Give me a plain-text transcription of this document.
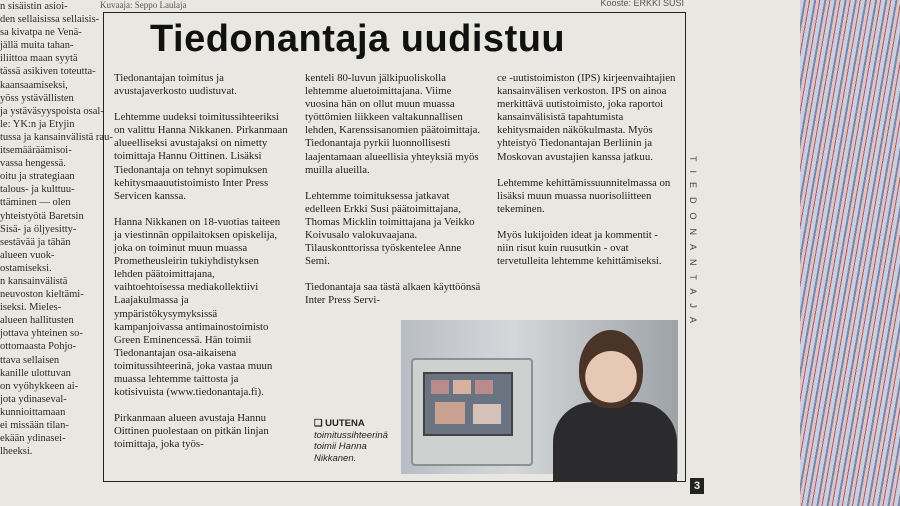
n sisäistin asioi-
den sellaisissa sellaisis-
sa kivatpa ne Venä-
jällä muita tahan-
iliittoa maan syytä
tässä asikiven toteutta-
kaansaamiseksi,
yöss ystävällisten
ja ystäväsyyspoista osal-
le: YK:n ja Etyjin
tussa ja kansainvälistä rau-
itsemääräämisoi-
vassa hengessä.
oitu ja strategiaan
talous- ja kulttuu-
ttäminen — olen
yhteistyötä Baretsin
Sisä- ja öljyesitty-
sestävää ja tähän
alueen vuok-
ostamiseksi.
n kansainvälistä
neuvoston kieltämi-
iseksi. Mieles-
alueen hallitusten
jottava yhteinen so-
ottomaasta Pohjo-
ttava sellaisen
kanille ulottuvan
on vyöhykkeen ai-
jota ydinaseval-
kunnioittamaan
ei missään tilan-
ekään ydinasei-
lheeksi.
Kuvaaja: Seppo Laulaja	Kooste: ERKKI SUSI
Tiedonantaja uudistuu

Tiedonantajan toimitus ja avustajaverkosto uudistuvat.

Lehtemme uudeksi toimitussihteeriksi on valittu Hanna Nikkanen. Pirkanmaan alueelliseksi avustajaksi on nimetty toimittaja Hannu Oittinen. Lisäksi Tiedonantaja on tehnyt sopimuksen kehitysmaauutistoimisto Inter Press Servicen kanssa.

Hanna Nikkanen on 18-vuotias taiteen ja viestinnän oppilaitoksen opiskelija, joka on toiminut muun muassa Prometheusleirin tukiyhdistyksen lehden päätoimittajana, vaihtoehtoisessa mediakollektiivi Laajakulmassa ja ympäristökysymyksissä kampanjoivassa antimainostoimisto Green Eminencessä. Hän toimii Tiedonantajan osa-aikaisena toimitussihteerinä, joka vastaa muun muassa lehtemme taittosta ja kotisivuista (www.tiedonantaja.fi).

Pirkanmaan alueen avustaja Hannu Oittinen puolestaan on pitkän linjan toimittaja, joka työs-

kenteli 80-luvun jälkipuoliskolla lehtemme aluetoimittajana. Viime vuosina hän on ollut muun muassa työttömien liikkeen valtakunnallisen lehden, Karenssisanomien päätoimittaja. Tiedonantaja pyrkii luonnollisesti laajentamaan alueellisia yhteyksiä myös muilla alueilla.

Lehtemme toimituksessa jatkavat edelleen Erkki Susi päätoimittajana, Thomas Micklin toimittajana ja Veikko Koivusalo valokuvaajana. Tilauskonttorissa työskentelee Anne Semi.

Tiedonantaja saa tästä alkaen käyttöönsä Inter Press Servi-

ce -uutistoimiston (IPS) kirjeenvaihtajien kansainvälisen verkoston. IPS on ainoa merkittävä uutistoimisto, joka raportoi kansainvälisistä tapahtumista kehitysmaiden näkökulmasta. Myös yhteistyö Tiedonantajan Berliinin ja Moskovan avustajien kanssa jatkuu.

Lehtemme kehittämissuunnitelmassa on lisäksi muun muassa nuorisoliitteen tekeminen.

Myös lukijoiden ideat ja kommentit - niin risut kuin ruusutkin - ovat tervetulleita lehtemme kehittämiseksi.

❑ UUTENA
toimitussihteerinä toimii Hanna Nikkanen.
TIEDONANTAJA
3
